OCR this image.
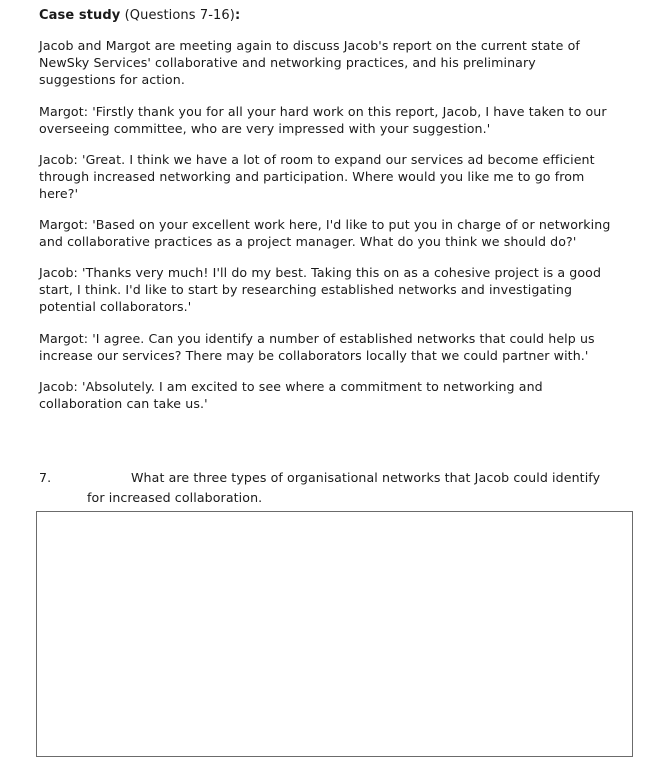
Case study (Questions 7-16):

Jacob and Margot are meeting again to discuss Jacob's report on the current state of
NewSky Services' collaborative and networking practices, and his preliminary
suggestions for action.

Margot: 'Firstly thank you for all your hard work on this report, Jacob, I have taken to our
overseeing committee, who are very impressed with your suggestion.'

Jacob: 'Great. I think we have a lot of room to expand our services ad become efficient
through increased networking and participation. Where would you like me to go from
here?'

Margot: 'Based on your excellent work here, I'd like to put you in charge of or networking
and collaborative practices as a project manager. What do you think we should do?'

Jacob: 'Thanks very much! I'll do my best. Taking this on as a cohesive project is a good
start, I think. I'd like to start by researching established networks and investigating
potential collaborators.'

Margot: 'I agree. Can you identify a number of established networks that could help us
increase our services? There may be collaborators locally that we could partner with.'

Jacob: 'Absolutely. I am excited to see where a commitment to networking and
collaboration can take us.'

7.	What are three types of organisational networks that Jacob could identify
for increased collaboration.
